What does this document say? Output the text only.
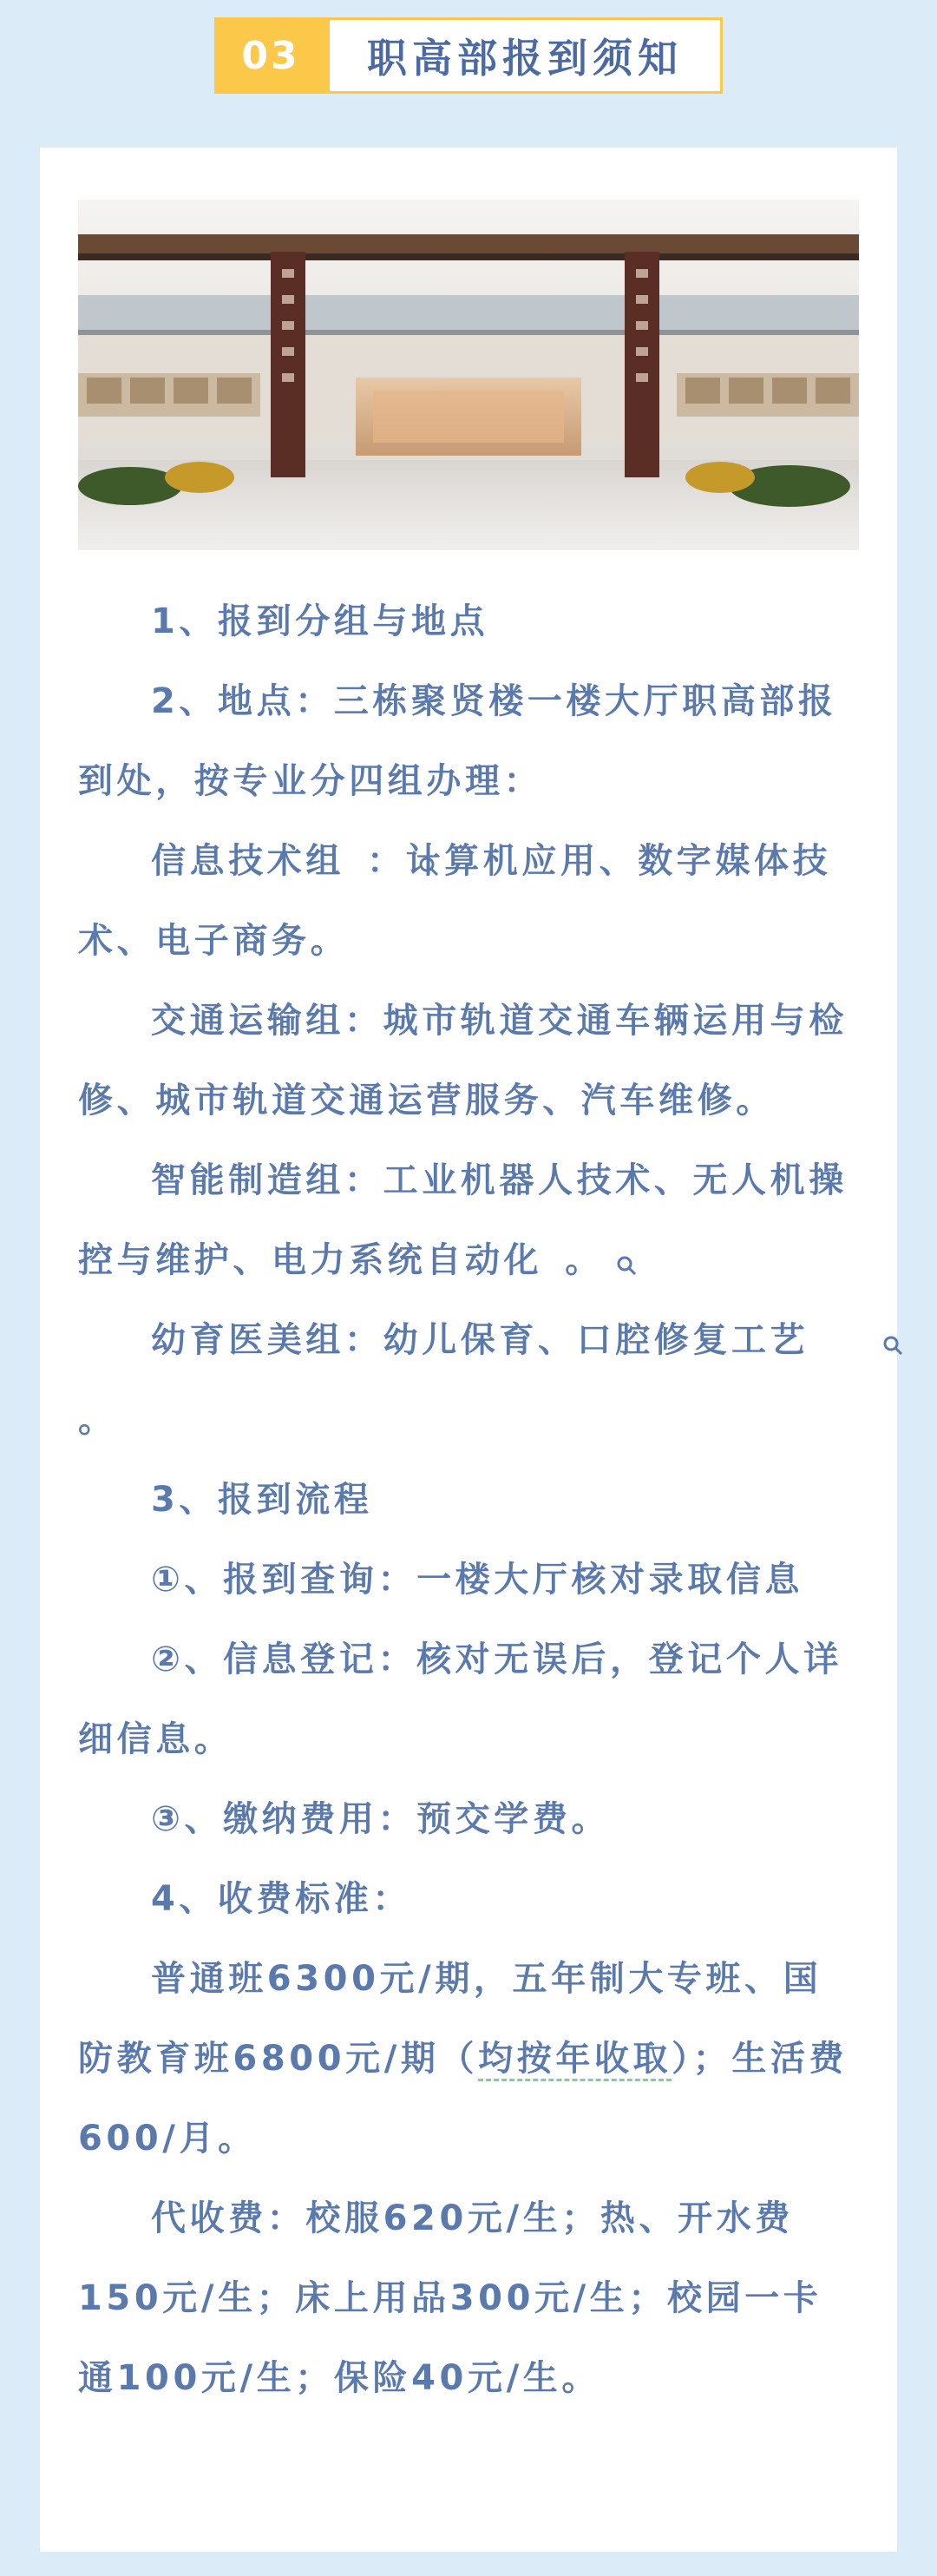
03	职高部报到须知

1、报到分组与地点

2、地点：三栋聚贤楼一楼大厅职高部报到处，按专业分四组办理：

信息技术组 ：计算机应用、数字媒体技术、电子商务。

交通运输组：城市轨道交通车辆运用与检修、城市轨道交通运营服务、汽车维修。

智能制造组：工业机器人技术、无人机操控与维护、电力系统自动化 。

幼育医美组：幼儿保育、口腔修复工艺。

3、报到流程

①、报到查询：一楼大厅核对录取信息

②、信息登记：核对无误后，登记个人详细信息。

③、缴纳费用：预交学费。

4、收费标准：

普通班6300元/期，五年制大专班、国防教育班6800元/期（均按年收取）；生活费600/月。

代收费：校服620元/生；热、开水费150元/生；床上用品300元/生；校园一卡通100元/生；保险40元/生。
